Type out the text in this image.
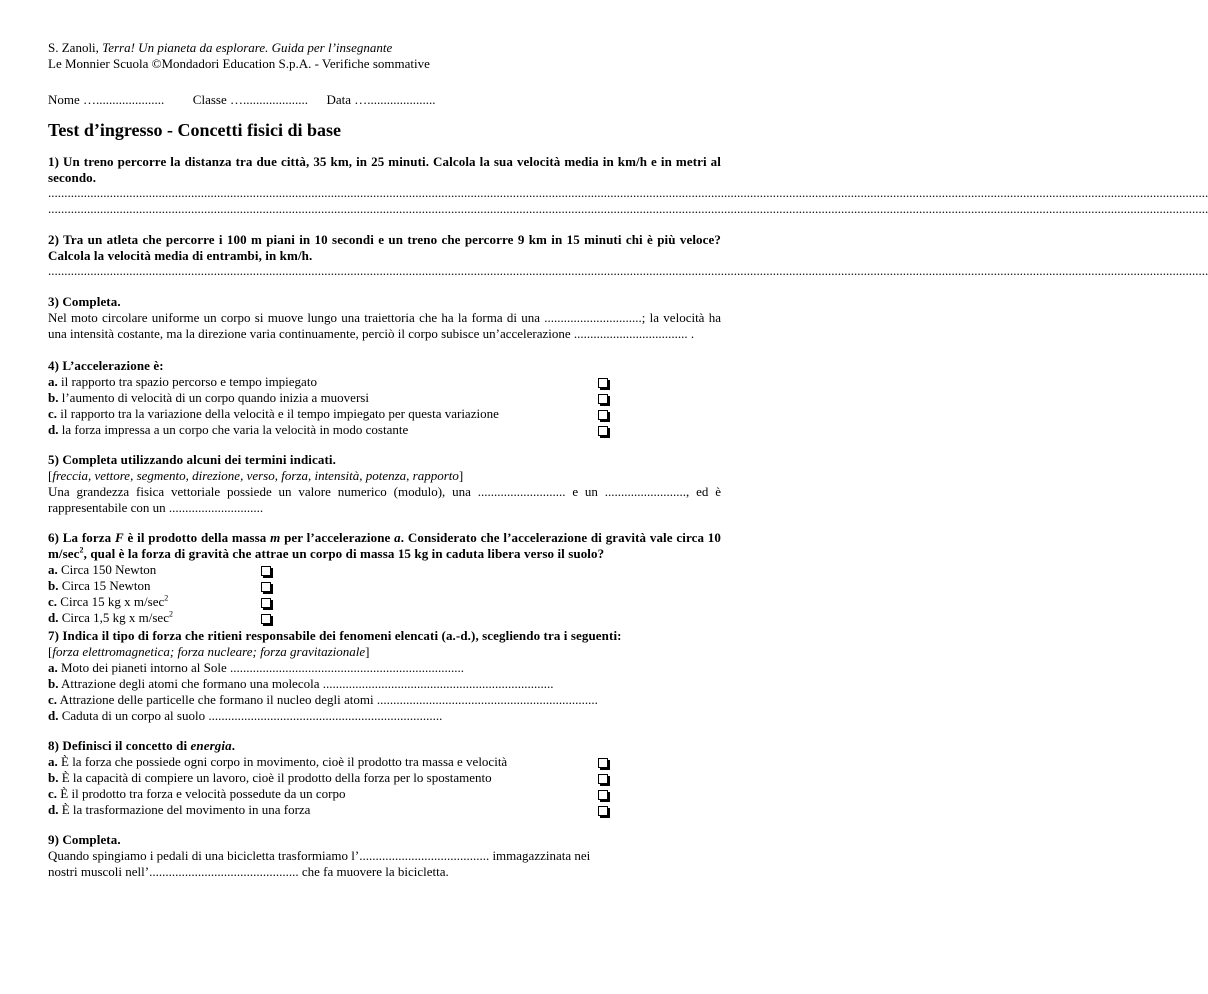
S. Zanoli, Terra! Un pianeta da esplorare. Guida per l’insegnante
Le Monnier Scuola ©Mondadori Education S.p.A. - Verifiche sommative
Nome …..................... Classe ….................... Data ….....................
Test d’ingresso - Concetti fisici di base
1) Un treno percorre la distanza tra due città, 35 km, in 25 minuti. Calcola la sua velocità media in km/h e in metri al secondo.
.....................................................................................................................................................................................................................................................................................................................................................................
.....................................................................................................................................................................................................................................................................................................................................................................
2) Tra un atleta che percorre i 100 m piani in 10 secondi e un treno che percorre 9 km in 15 minuti chi è più veloce? Calcola la velocità media di entrambi, in km/h.
.....................................................................................................................................................................................................................................................................................................................................................................
3) Completa.
Nel moto circolare uniforme un corpo si muove lungo una traiettoria che ha la forma di una ..............................; la velocità ha una intensità costante, ma la direzione varia continuamente, perciò il corpo subisce un’accelerazione ................................... .
4) L’accelerazione è:
a. il rapporto tra spazio percorso e tempo impiegato
b. l’aumento di velocità di un corpo quando inizia a muoversi
c. il rapporto tra la variazione della velocità e il tempo impiegato per questa variazione
d. la forza impressa a un corpo che varia la velocità in modo costante
5) Completa utilizzando alcuni dei termini indicati.
[freccia, vettore, segmento, direzione, verso, forza, intensità, potenza, rapporto]
Una grandezza fisica vettoriale possiede un valore numerico (modulo), una ........................... e un ........................., ed è rappresentabile con un .............................
6) La forza F è il prodotto della massa m per l’accelerazione a. Considerato che l’accelerazione di gravità vale circa 10 $m/\sec^2$, qual è la forza di gravità che attrae un corpo di massa 15 kg in caduta libera verso il suolo?
a. Circa 150 Newton
b. Circa 15 Newton
c. Circa 15 kg x $m/\sec^2$
d. Circa 1,5 kg x $m/\sec^2$
7) Indica il tipo di forza che ritieni responsabile dei fenomeni elencati (a.-d.), scegliendo tra i seguenti:
[forza elettromagnetica; forza nucleare; forza gravitazionale]
a. Moto dei pianeti intorno al Sole ........................................................................
b. Attrazione degli atomi che formano una molecola .......................................................................
c. Attrazione delle particelle che formano il nucleo degli atomi ....................................................................
d. Caduta di un corpo al suolo ........................................................................
8) Definisci il concetto di energia.
a. È la forza che possiede ogni corpo in movimento, cioè il prodotto tra massa e velocità
b. È la capacità di compiere un lavoro, cioè il prodotto della forza per lo spostamento
c. È il prodotto tra forza e velocità possedute da un corpo
d. È la trasformazione del movimento in una forza
9) Completa.
Quando spingiamo i pedali di una bicicletta trasformiamo l’........................................ immagazzinata nei
nostri muscoli nell’.............................................. che fa muovere la bicicletta.
